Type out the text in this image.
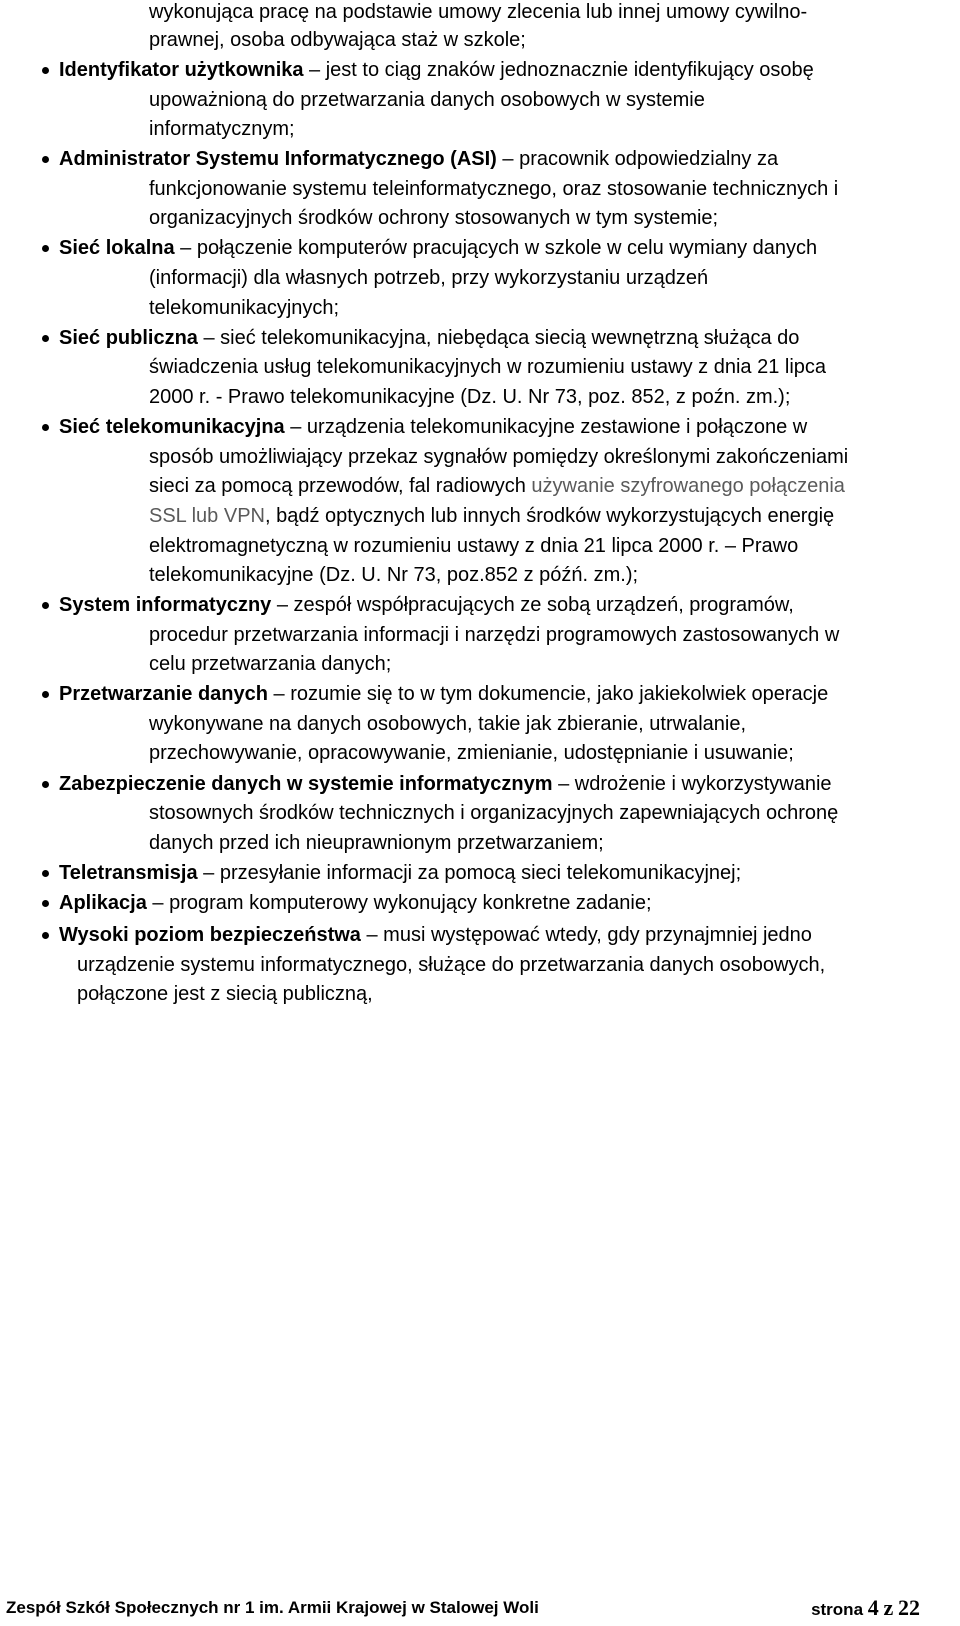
wykonująca pracę na podstawie umowy zlecenia lub innej umowy cywilno-
prawnej, osoba odbywająca staż w szkole;
Identyfikator użytkownika – jest to ciąg znaków jednoznacznie identyfikujący osobę
upoważnioną do przetwarzania danych osobowych w systemie
informatycznym;
Administrator Systemu Informatycznego (ASI) – pracownik odpowiedzialny za
funkcjonowanie systemu teleinformatycznego, oraz stosowanie technicznych i
organizacyjnych środków ochrony stosowanych w tym systemie;
Sieć lokalna – połączenie komputerów pracujących w szkole w celu wymiany danych
(informacji) dla własnych potrzeb, przy wykorzystaniu urządzeń
telekomunikacyjnych;
Sieć publiczna – sieć telekomunikacyjna, niebędąca siecią wewnętrzną służąca do
świadczenia usług telekomunikacyjnych w rozumieniu ustawy z dnia 21 lipca
2000 r. - Prawo telekomunikacyjne (Dz. U. Nr 73, poz. 852, z poźn. zm.);
Sieć telekomunikacyjna – urządzenia telekomunikacyjne zestawione i połączone w
sposób umożliwiający przekaz sygnałów pomiędzy określonymi zakończeniami
sieci za pomocą przewodów, fal radiowych używanie szyfrowanego połączenia
SSL lub VPN, bądź optycznych lub innych środków wykorzystujących energię
elektromagnetyczną w rozumieniu ustawy z dnia 21 lipca 2000 r. – Prawo
telekomunikacyjne (Dz. U. Nr 73, poz.852 z późń. zm.);
System informatyczny – zespół współpracujących ze sobą urządzeń, programów,
procedur przetwarzania informacji i narzędzi programowych zastosowanych w
celu przetwarzania danych;
Przetwarzanie danych – rozumie się to w tym dokumencie, jako jakiekolwiek operacje
wykonywane na danych osobowych, takie jak zbieranie, utrwalanie,
przechowywanie, opracowywanie, zmienianie, udostępnianie i usuwanie;
Zabezpieczenie danych w systemie informatycznym – wdrożenie i wykorzystywanie
stosownych środków technicznych i organizacyjnych zapewniających ochronę
danych przed ich nieuprawnionym przetwarzaniem;
Teletransmisja – przesyłanie informacji za pomocą sieci telekomunikacyjnej;
Aplikacja – program komputerowy wykonujący konkretne zadanie;
Wysoki poziom bezpieczeństwa – musi występować wtedy, gdy przynajmniej jedno
urządzenie systemu informatycznego, służące do przetwarzania danych osobowych,
połączone jest z siecią publiczną,
Zespół Szkół Społecznych nr 1 im. Armii Krajowej w Stalowej Woli	strona 4 z 22
